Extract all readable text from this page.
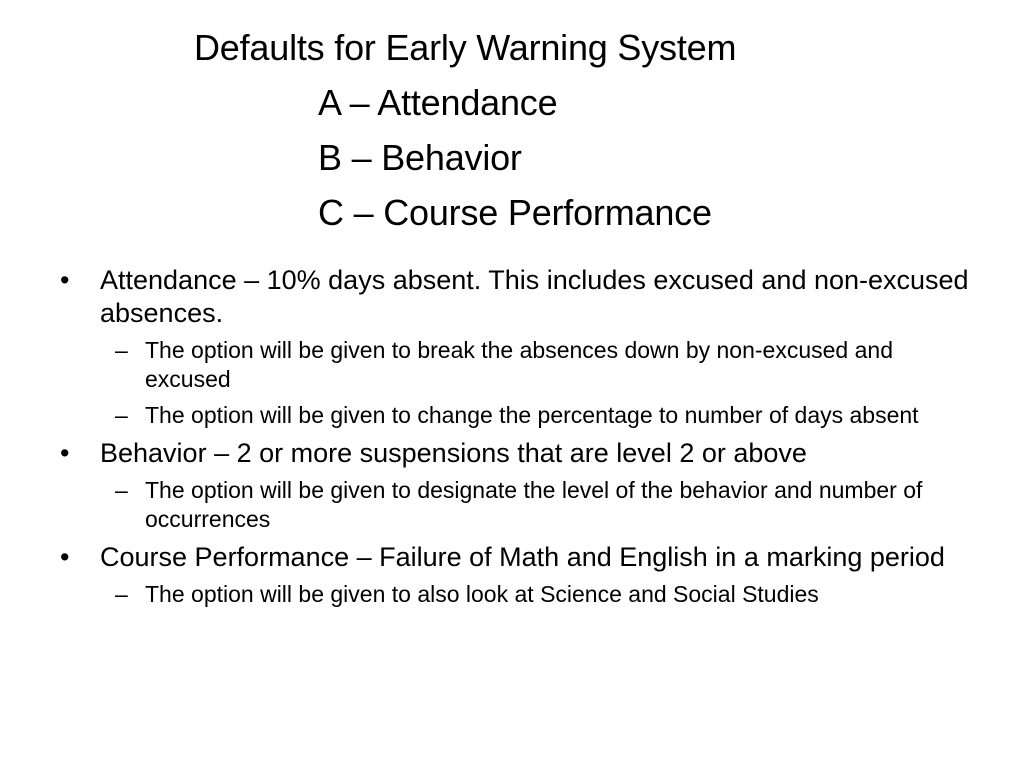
Defaults for Early Warning System
A – Attendance
B – Behavior
C – Course Performance
•	Attendance – 10% days absent. This includes excused and non-excused absences.
– The option will be given to break the absences down by non-excused and excused
– The option will be given to change the percentage to number of days absent
•	Behavior – 2 or more suspensions that are level 2 or above
– The option will be given to designate the level of the behavior and number of occurrences
•	Course Performance – Failure of Math and English in a marking period
– The option will be given to also look at Science and Social Studies
